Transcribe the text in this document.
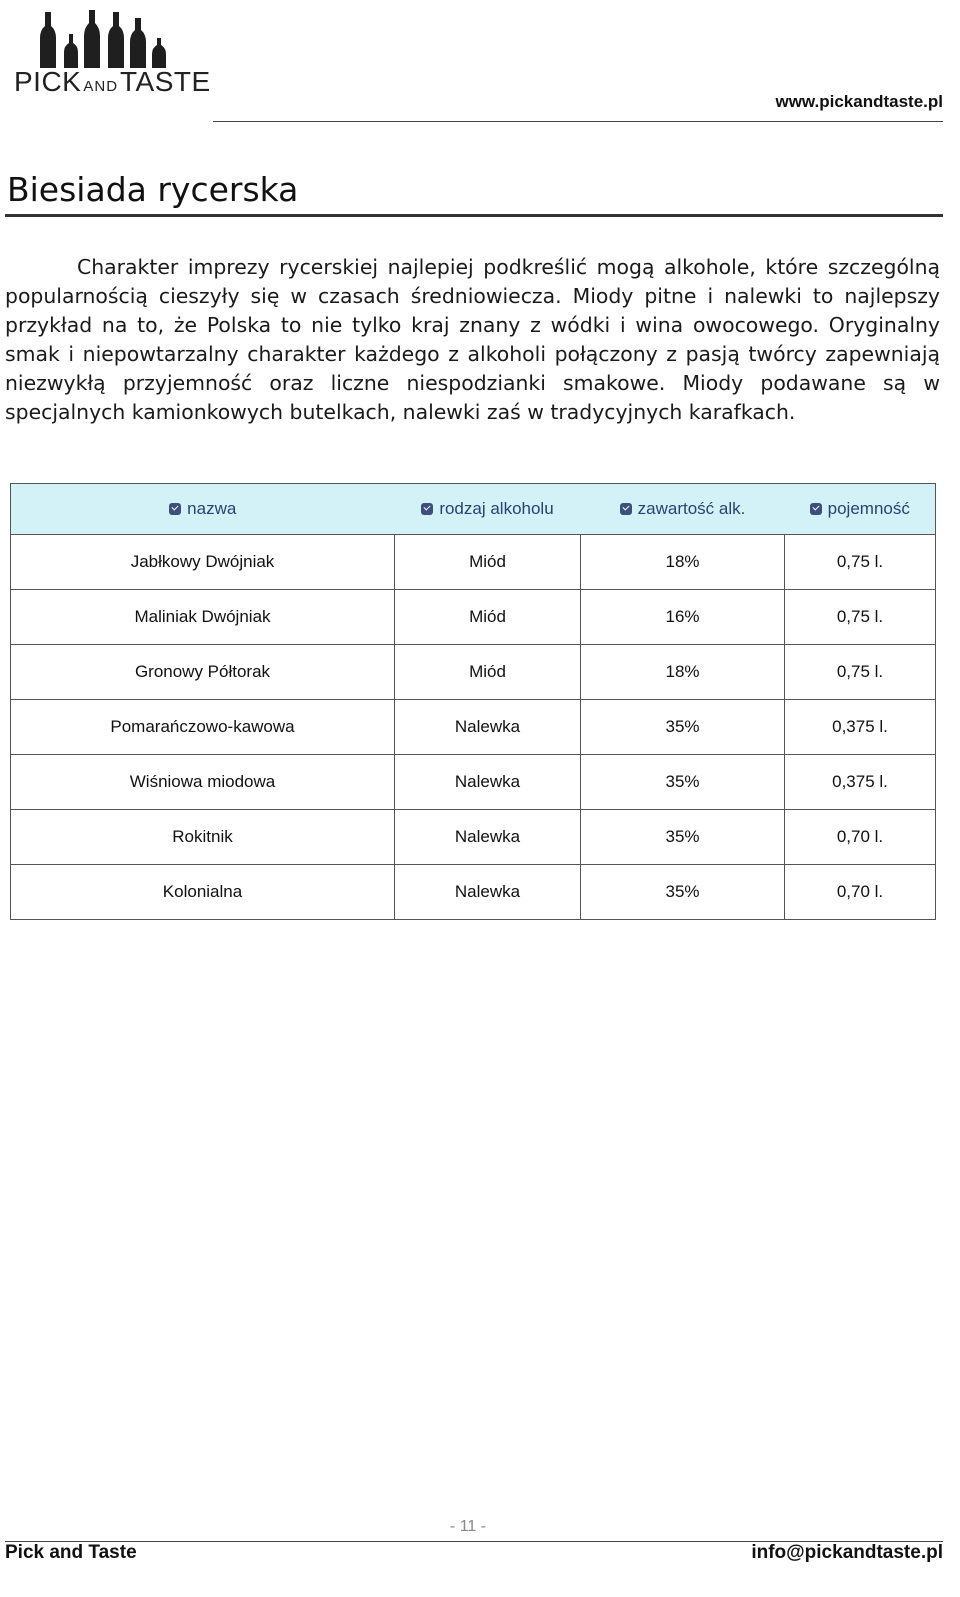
PICK ANDTASTE
www.pickandtaste.pl
Biesiada rycerska

Charakter imprezy rycerskiej najlepiej podkreślić mogą alkohole, które szczególną popularnością cieszyły się w czasach średniowiecza. Miody pitne i nalewki to najlepszy przykład na to, że Polska to nie tylko kraj znany z wódki i wina owocowego. Oryginalny smak i niepowtarzalny charakter każdego z alkoholi połączony z pasją twórcy zapewniają niezwykłą przyjemność oraz liczne niespodzianki smakowe. Miody podawane są w specjalnych kamionkowych butelkach, nalewki zaś w tradycyjnych karafkach.

nazwa	rodzaj alkoholu	zawartość alk.	pojemność

Jabłkowy Dwójniak	Miód	18%	0,75 l.
Maliniak Dwójniak	Miód	16%	0,75 l.
Gronowy Półtorak	Miód	18%	0,75 l.
Pomarańczowo-kawowa	Nalewka	35%	0,375 l.
Wiśniowa miodowa	Nalewka	35%	0,375 l.
Rokitnik	Nalewka	35%	0,70 l.
Kolonialna	Nalewka	35%	0,70 l.
- 11 -
Pick and Taste	info@pickandtaste.pl
